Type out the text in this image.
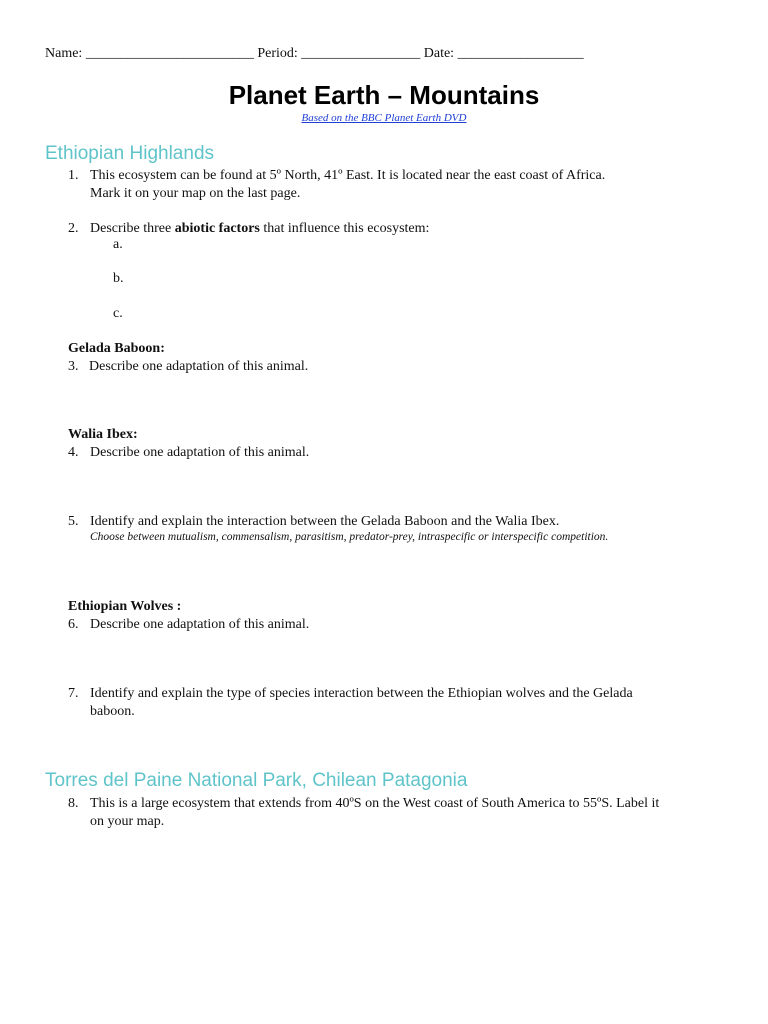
Name: ________________________ Period: _________________ Date: __________________
Planet Earth – Mountains
Based on the BBC Planet Earth DVD
Ethiopian Highlands
1. This ecosystem can be found at 5º North, 41º East. It is located near the east coast of Africa.
Mark it on your map on the last page.
2. Describe three abiotic factors that influence this ecosystem:
a.
b.
c.
Gelada Baboon:
3. Describe one adaptation of this animal.
Walia Ibex:
4. Describe one adaptation of this animal.
5. Identify and explain the interaction between the Gelada Baboon and the Walia Ibex.
Choose between mutualism, commensalism, parasitism, predator-prey, intraspecific or interspecific competition.
Ethiopian Wolves :
6. Describe one adaptation of this animal.
7. Identify and explain the type of species interaction between the Ethiopian wolves and the Gelada
baboon.
Torres del Paine National Park, Chilean Patagonia
8. This is a large ecosystem that extends from 40ºS on the West coast of South America to 55ºS. Label it
on your map.
